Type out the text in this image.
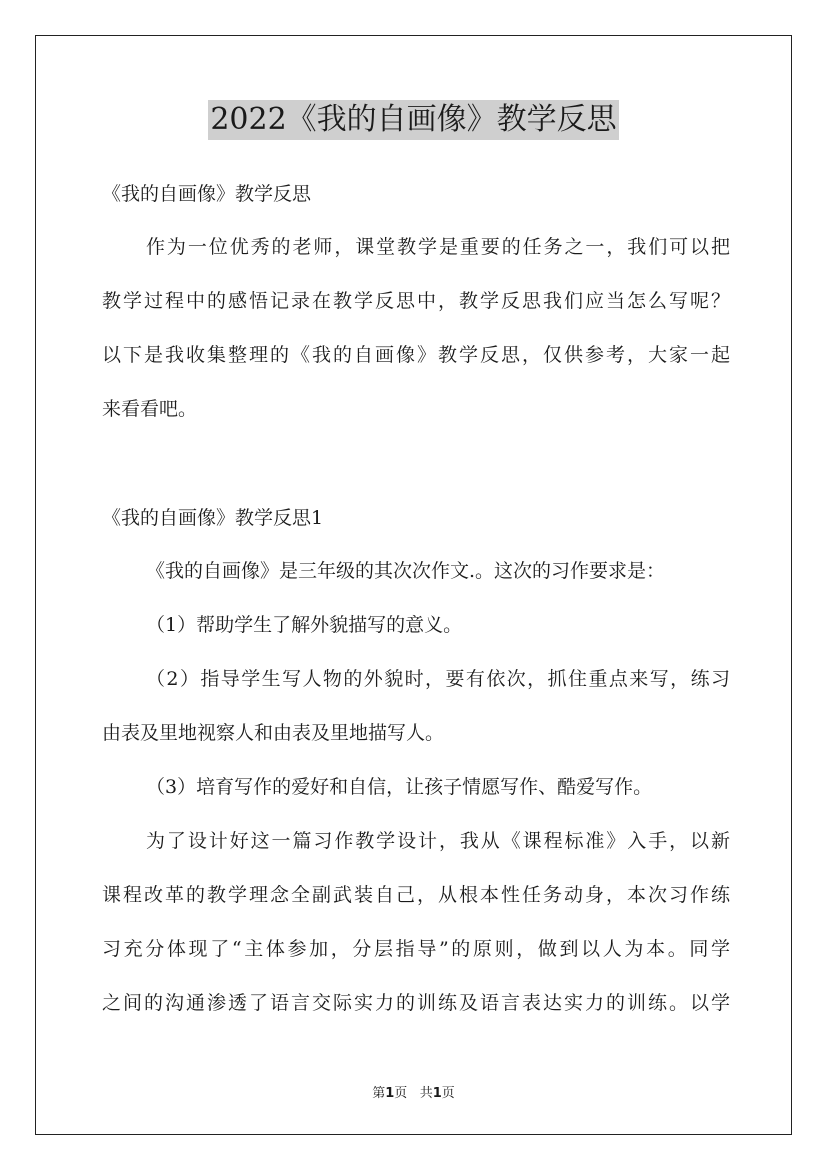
2022《我的自画像》教学反思
《我的自画像》教学反思
作为一位优秀的老师，课堂教学是重要的任务之一，我们可以把
教学过程中的感悟记录在教学反思中，教学反思我们应当怎么写呢？
以下是我收集整理的《我的自画像》教学反思，仅供参考，大家一起
来看看吧。
《我的自画像》教学反思1
《我的自画像》是三年级的其次次作文.。这次的习作要求是：
（1）帮助学生了解外貌描写的意义。
（2）指导学生写人物的外貌时，要有依次，抓住重点来写，练习
由表及里地视察人和由表及里地描写人。
（3）培育写作的爱好和自信，让孩子情愿写作、酷爱写作。
为了设计好这一篇习作教学设计，我从《课程标准》入手，以新
课程改革的教学理念全副武装自己，从根本性任务动身，本次习作练
习充分体现了“主体参加，分层指导”的原则，做到以人为本。同学
之间的沟通渗透了语言交际实力的训练及语言表达实力的训练。以学
第1页 共1页
